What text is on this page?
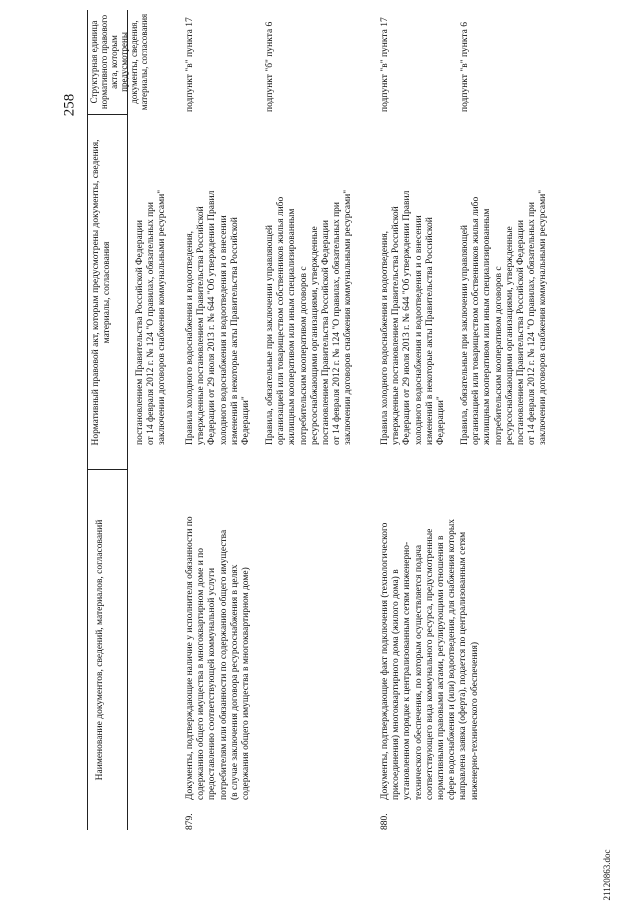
258
21120863.doc
Наименование документов, сведений, материалов, согласований
Нормативный правовой акт, которым предусмотрены документы, сведения, материалы, согласования
Структурная единица нормативного правового акта, которым предусмотрены документы, сведения, материалы, согласования
постановлением Правительства Российской Федерации
от 14 февраля 2012 г. № 124 "О правилах, обязательных при
заключении договоров снабжения коммунальными ресурсами"
879.
Документы, подтверждающие наличие у исполнителя обязанности по
содержанию общего имущества в многоквартирном доме и по
предоставлению соответствующей коммунальной услуги
потребителям или обязанности по содержанию общего имущества
(в случае заключения договора ресурсоснабжения в целях
содержания общего имущества в многоквартирном доме)
Правила холодного водоснабжения и водоотведения,
утвержденные постановлением Правительства Российской
Федерации от 29 июля 2013 г. № 644 "Об утверждении Правил
холодного водоснабжения и водоотведения и о внесении
изменений в некоторые акты Правительства Российской
Федерации"
подпункт "в" пункта 17
Правила, обязательные при заключении управляющей
организацией или товариществом собственников жилья либо
жилищным кооперативом или иным специализированным
потребительским кооперативом договоров с
ресурсоснабжающими организациями, утвержденные
постановлением Правительства Российской Федерации
от 14 февраля 2012 г. № 124 "О правилах, обязательных при
заключении договоров снабжения коммунальными ресурсами"
подпункт "б" пункта 6
880.
Документы, подтверждающие факт подключения (технологического
присоединения) многоквартирного дома (жилого дома) в
установленном порядке к централизованным сетям инженерно-
технического обеспечения, по которым осуществляется подача
соответствующего вида коммунального ресурса, предусмотренные
нормативными правовыми актами, регулирующими отношения в
сфере водоснабжения и (или) водоотведения, для снабжения которых
направлена заявка (оферта), подается по централизованным сетям
инженерно-технического обеспечения)
Правила холодного водоснабжения и водоотведения,
утвержденные постановлением Правительства Российской
Федерации от 29 июля 2013 г. № 644 "Об утверждении Правил
холодного водоснабжения и водоотведения и о внесении
изменений в некоторые акты Правительства Российской
Федерации"
подпункт "в" пункта 17
Правила, обязательные при заключении управляющей
организацией или товариществом собственников жилья либо
жилищным кооперативом или иным специализированным
потребительским кооперативом договоров с
ресурсоснабжающими организациями, утвержденные
постановлением Правительства Российской Федерации
от 14 февраля 2012 г. № 124 "О правилах, обязательных при
заключении договоров снабжения коммунальными ресурсами"
подпункт "в" пункта 6
